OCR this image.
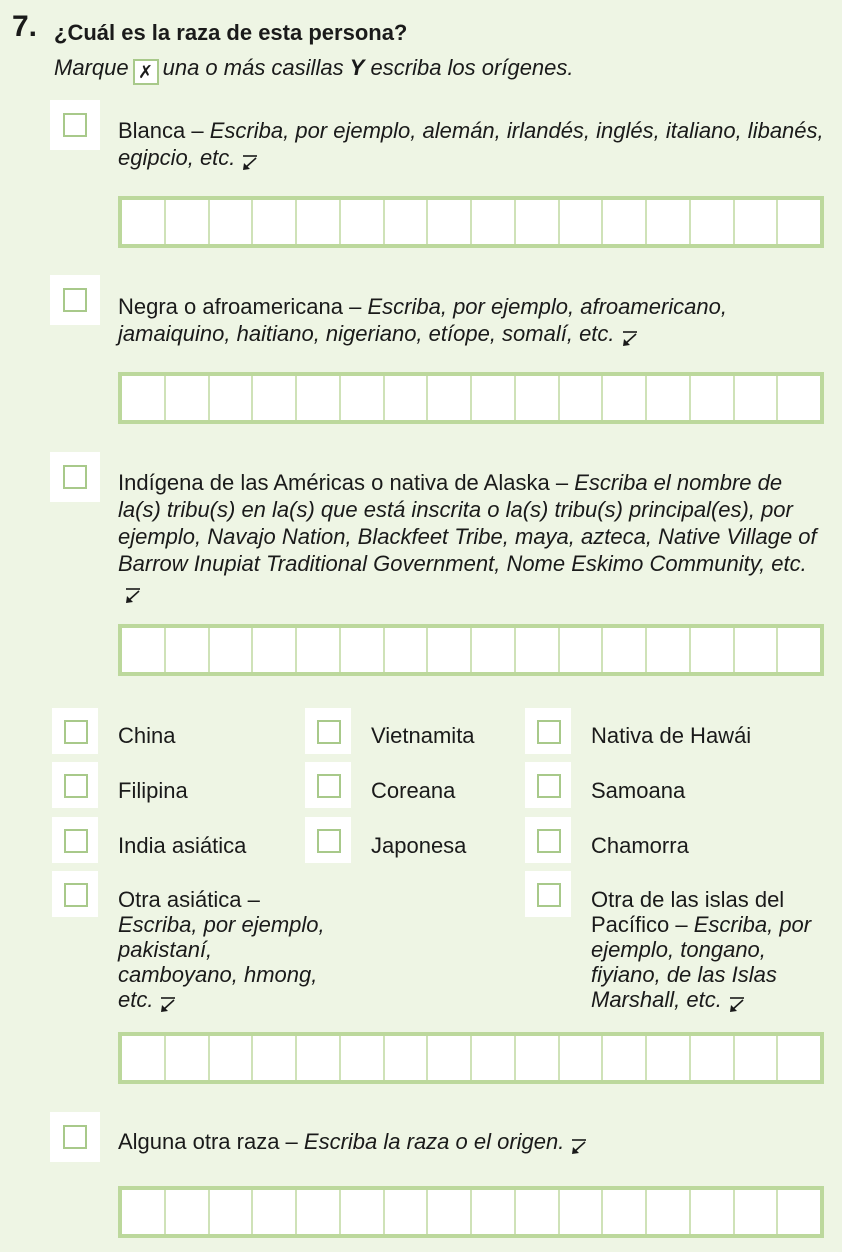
7. ¿Cuál es la raza de esta persona?
Marque ✗ una o más casillas Y escriba los orígenes.
Blanca – Escriba, por ejemplo, alemán, irlandés, inglés, italiano, libanés, egipcio, etc.
Negra o afroamericana – Escriba, por ejemplo, afroamericano, jamaiquino, haitiano, nigeriano, etíope, somalí, etc.
Indígena de las Américas o nativa de Alaska – Escriba el nombre de la(s) tribu(s) en la(s) que está inscrita o la(s) tribu(s) principal(es), por ejemplo, Navajo Nation, Blackfeet Tribe, maya, azteca, Native Village of Barrow Inupiat Traditional Government, Nome Eskimo Community, etc.
China
Filipina
India asiática
Otra asiática – Escriba, por ejemplo, pakistaní, camboyano, hmong, etc.
Vietnamita
Coreana
Japonesa
Nativa de Hawái
Samoana
Chamorra
Otra de las islas del Pacífico – Escriba, por ejemplo, tongano, fiyiano, de las Islas Marshall, etc.
Alguna otra raza – Escriba la raza o el origen.
